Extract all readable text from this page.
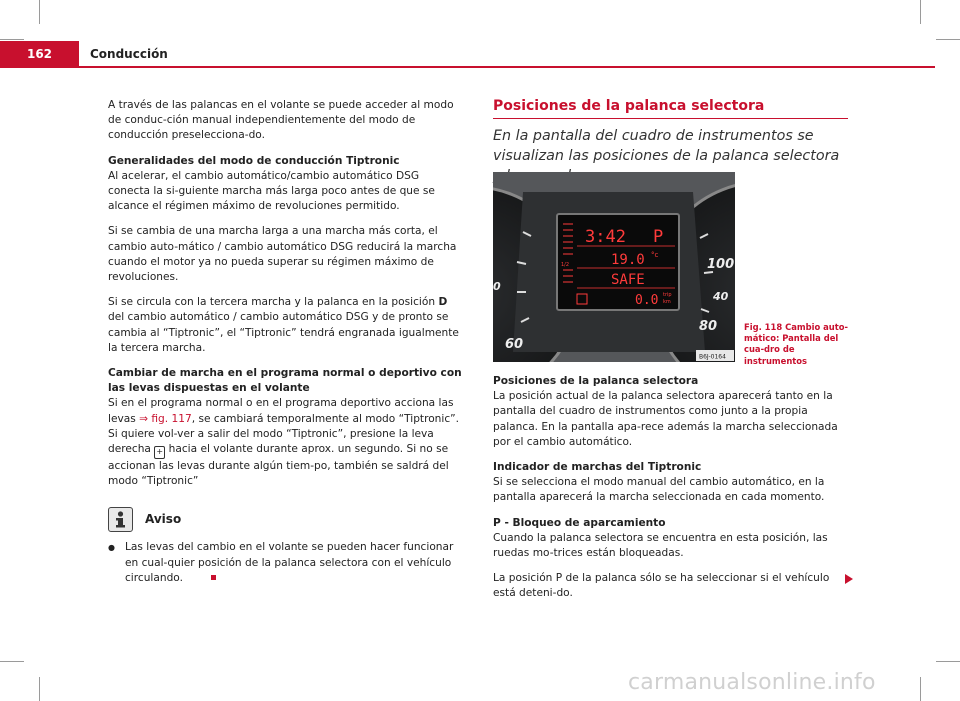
162	Conducción

A través de las palancas en el volante se puede acceder al modo de conduc-ción manual independientemente del modo de conducción preselecciona-do.

Generalidades del modo de conducción Tiptronic

Al acelerar, el cambio automático/cambio automático DSG conecta la si-guiente marcha más larga poco antes de que se alcance el régimen máximo de revoluciones permitido.

Si se cambia de una marcha larga a una marcha más corta, el cambio auto-mático / cambio automático DSG reducirá la marcha cuando el motor ya no pueda superar su régimen máximo de revoluciones.

Si se circula con la tercera marcha y la palanca en la posición D del cambio automático / cambio automático DSG y de pronto se cambia al “Tiptronic”, el “Tiptronic” tendrá engranada igualmente la tercera marcha.

Cambiar de marcha en el programa normal o deportivo con las levas dispuestas en el volante

Si en el programa normal o en el programa deportivo acciona las levas ⇒ fig. 117, se cambiará temporalmente al modo “Tiptronic”. Si quiere vol-ver a salir del modo “Tiptronic”, presione la leva derecha + hacia el volante durante aprox. un segundo. Si no se accionan las levas durante algún tiem-po, también se saldrá del modo “Tiptronic”

Aviso
● Las levas del cambio en el volante se pueden hacer funcionar en cual-quier posición de la palanca selectora con el vehículo circulando.
Posiciones de la palanca selectora
En la pantalla del cuadro de instrumentos se visualizan las posiciones de la palanca selectora
3:42 P
19.0 °c
1/2
SAFE
0.0 trip
km
60
0
100
40
80
B6J-0164
Fig. 118 Cambio auto-mático: Pantalla del cua-dro de instrumentos

Posiciones de la palanca selectora

La posición actual de la palanca selectora aparecerá tanto en la pantalla del cuadro de instrumentos como junto a la propia palanca. En la pantalla apa-rece además la marcha seleccionada por el cambio automático.

Indicador de marchas del Tiptronic

Si se selecciona el modo manual del cambio automático, en la pantalla aparecerá la marcha seleccionada en cada momento.

P - Bloqueo de aparcamiento

Cuando la palanca selectora se encuentra en esta posición, las ruedas mo-trices están bloqueadas.

La posición P de la palanca sólo se ha seleccionar si el vehículo está deteni-do.

carmanualsonline.info
